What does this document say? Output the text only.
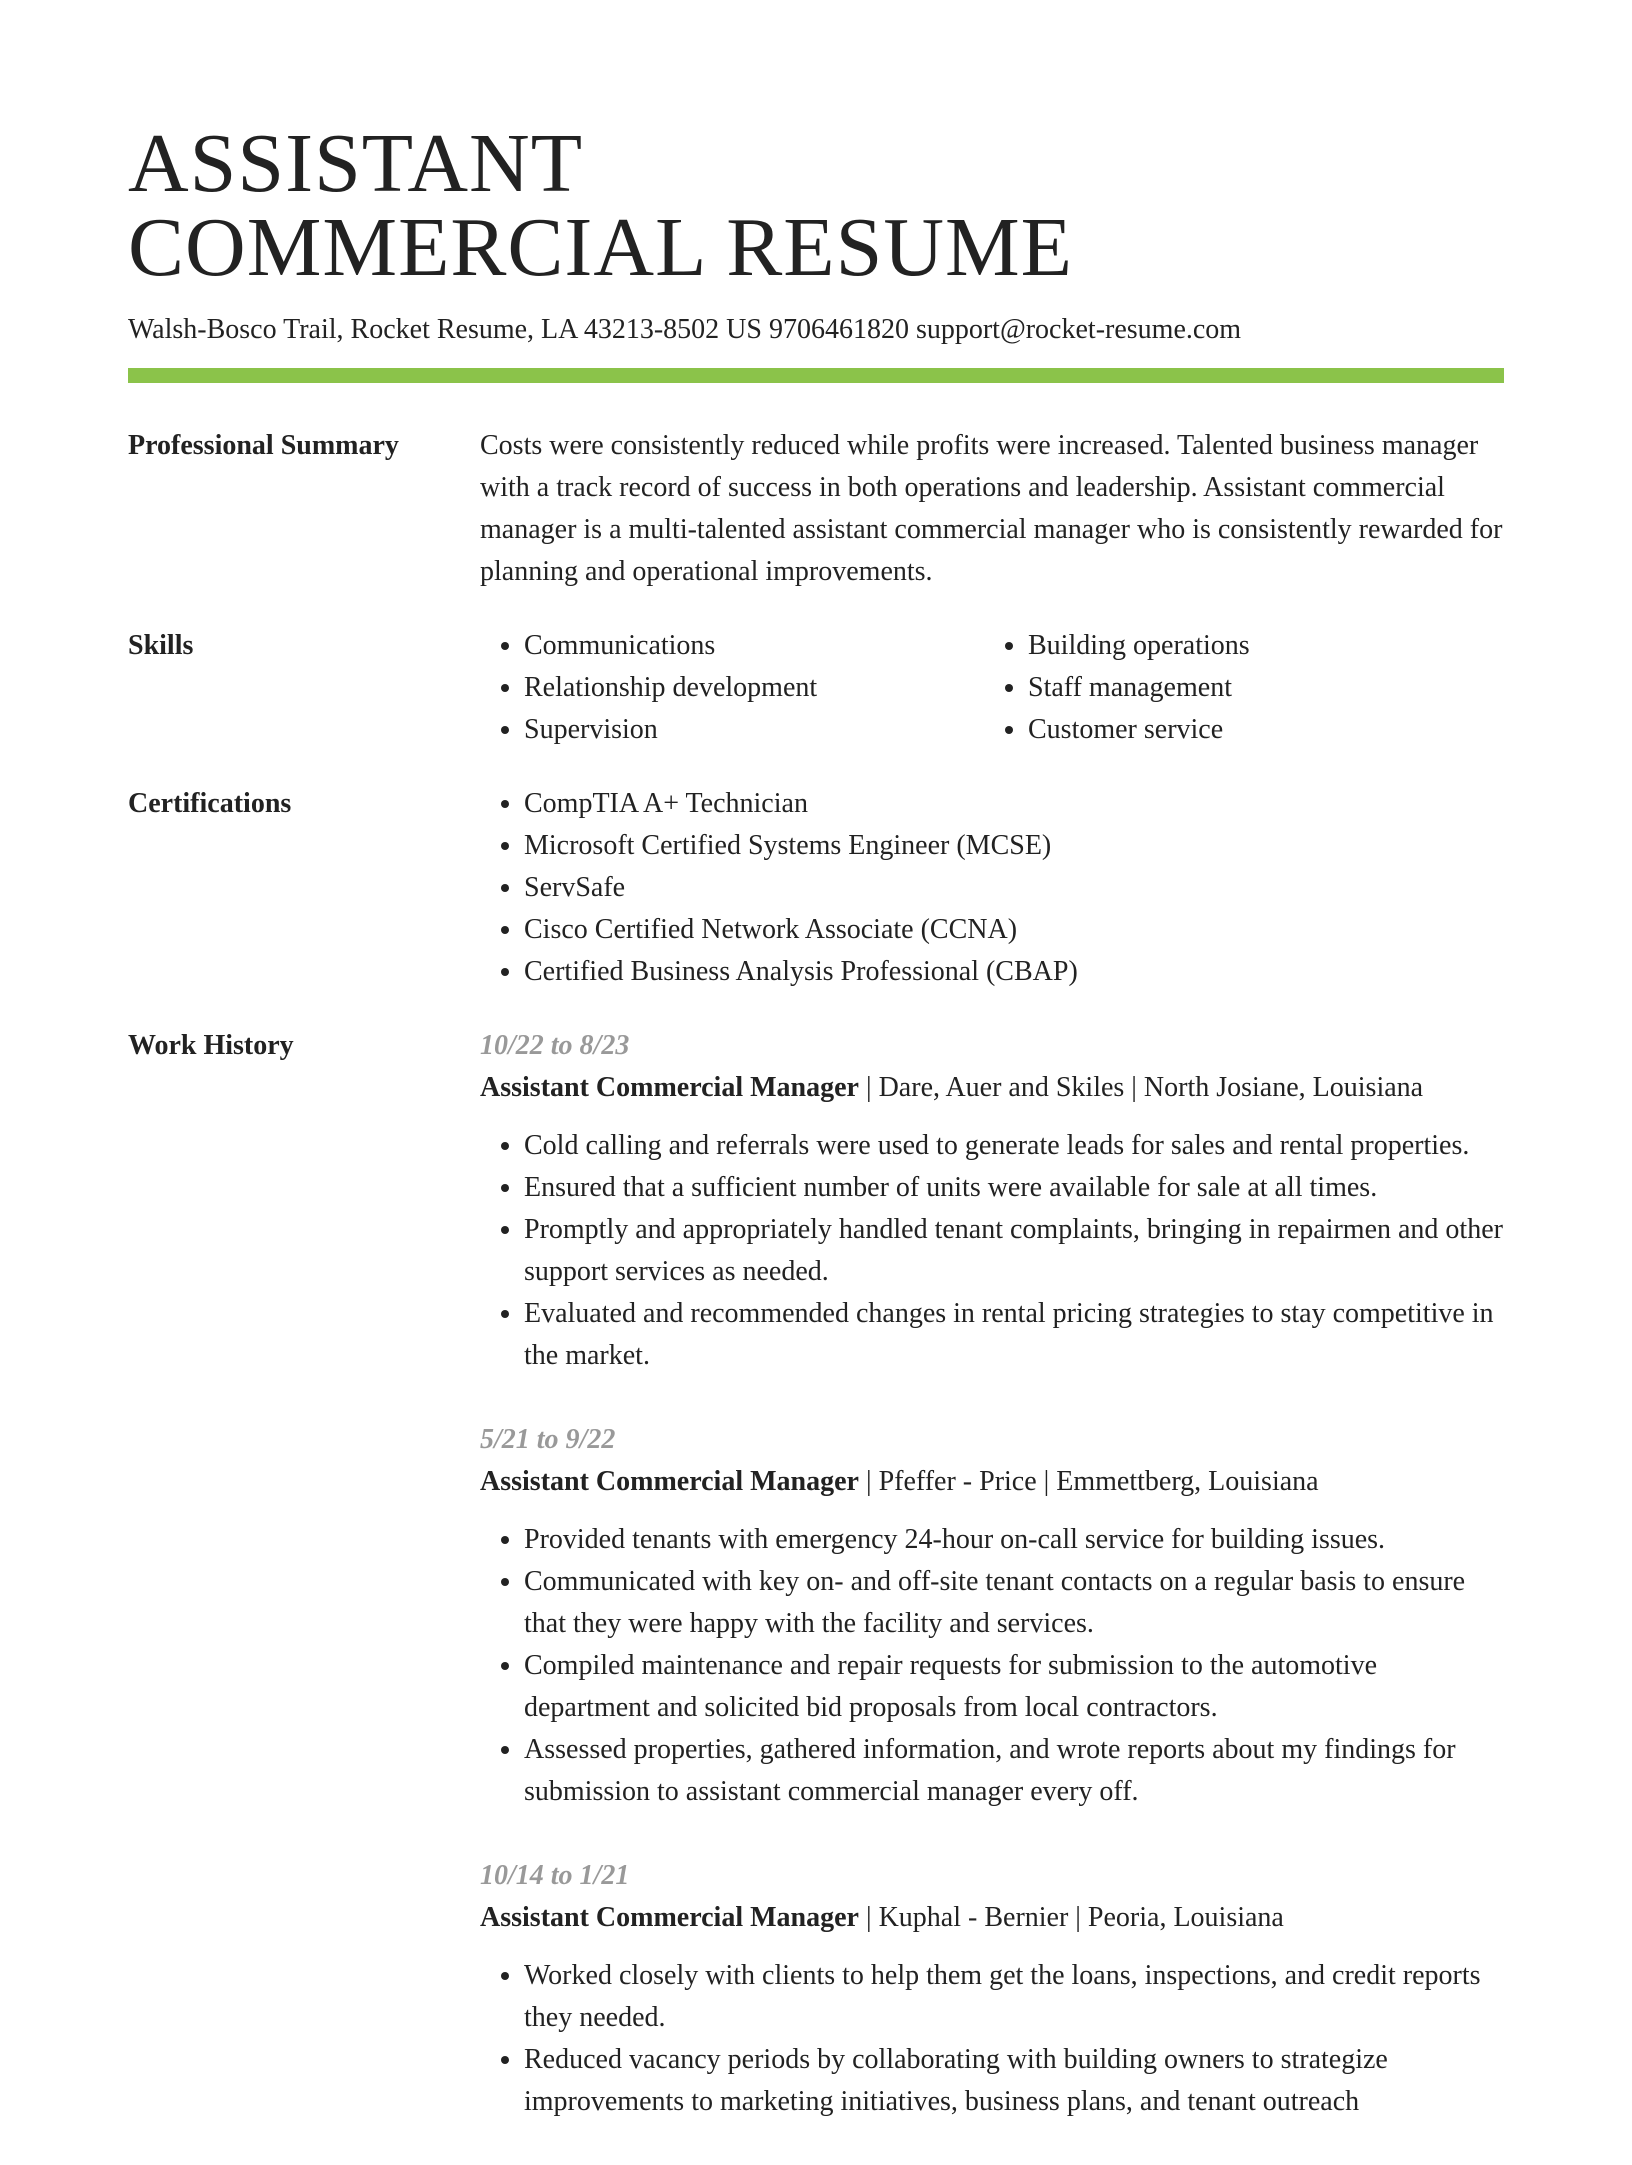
ASSISTANT
COMMERCIAL RESUME
Walsh-Bosco Trail, Rocket Resume, LA 43213-8502 US 9706461820 support@rocket-resume.com
Professional Summary	Costs were consistently reduced while profits were increased. Talented business manager with a track record of success in both operations and leadership. Assistant commercial manager is a multi-talented assistant commercial manager who is consistently rewarded for planning and operational improvements.
Skills	• Communications
• Relationship development
• Supervision
• Building operations
• Staff management
• Customer service
Certifications	• CompTIA A+ Technician
• Microsoft Certified Systems Engineer (MCSE)
• ServSafe
• Cisco Certified Network Associate (CCNA)
• Certified Business Analysis Professional (CBAP)
Work History	10/22 to 8/23
Assistant Commercial Manager | Dare, Auer and Skiles | North Josiane, Louisiana
• Cold calling and referrals were used to generate leads for sales and rental properties.
• Ensured that a sufficient number of units were available for sale at all times.
• Promptly and appropriately handled tenant complaints, bringing in repairmen and other support services as needed.
• Evaluated and recommended changes in rental pricing strategies to stay competitive in the market.
5/21 to 9/22
Assistant Commercial Manager | Pfeffer - Price | Emmettberg, Louisiana
• Provided tenants with emergency 24-hour on-call service for building issues.
• Communicated with key on- and off-site tenant contacts on a regular basis to ensure that they were happy with the facility and services.
• Compiled maintenance and repair requests for submission to the automotive department and solicited bid proposals from local contractors.
• Assessed properties, gathered information, and wrote reports about my findings for submission to assistant commercial manager every off.
10/14 to 1/21
Assistant Commercial Manager | Kuphal - Bernier | Peoria, Louisiana
• Worked closely with clients to help them get the loans, inspections, and credit reports they needed.
• Reduced vacancy periods by collaborating with building owners to strategize improvements to marketing initiatives, business plans, and tenant outreach
